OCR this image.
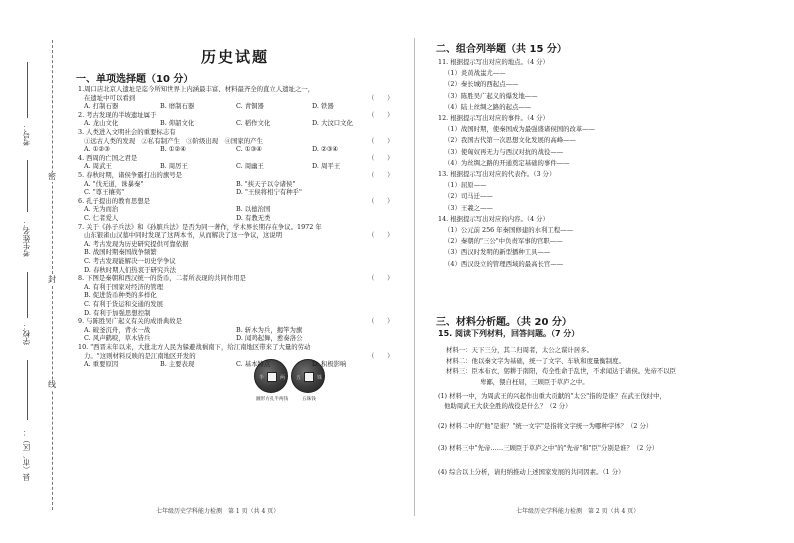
密
封
线
考号：
考生姓名：
学校：
县（市、区）：
历史试题
一、单项选择题（10 分）
半	两 五	铢
圜形方孔半两钱	五铢钱
七年级历史学科能力检测　第 1 页（共 4 页）
1.周口店北京人遗址是迄今所知世界上内涵最丰富、材料最齐全的直立人遗址之一，
在遗址中可以看到	（　　）
A. 打制石器	B. 磨制石器	C. 青铜器	D. 铁器
2. 考古发现的半坡遗址属于	（　　）
A. 龙山文化	B. 仰韶文化	C. 稻作文化	D. 大汶口文化
3. 人类进入文明社会的重要标志有
①远古人类的发现　②私有制产生　③阶级出现　④国家的产生	（　　）
A. ①②③	B. ①②④	C. ①③④	D. ②③④
4. 西周的亡国之君是	（　　）
A. 周武王	B. 周厉王	C. 周幽王	D. 周平王
5. 春秋时期，诸侯争霸打出的旗号是	（　　）
A. "伐无道，诛暴秦"	B. "挟天子以令诸侯"
C. "尊王攘夷"	D. "王侯将相宁有种乎"
6. 孔子提出的教育思想是	（　　）
A. 无为而治	B. 以德治国
C. 仁者爱人	D. 有教无类
7. 关于《孙子兵法》和《孙膑兵法》是否为同一著作，学术界长期存在争议。1972 年
山东银雀山汉墓中同时发现了这两本书，从而解决了这一争议，这说明	（　　）
A. 考古发现为历史研究提供可靠依据
B. 战国时期秦国战争频繁
C. 考古发现能解决一切史学争议
D. 春秋时期人们热衷于研究兵法
8. 下图是秦朝和西汉统一的货币，二者所表现的共同作用是	（　　）
A. 有利于国家对经济的管理
B. 促进货币种类的多样化
C. 有利于货运和交通的发展
D. 有利于加强思想控制
9. 与陈胜吴广起义有关的成语典故是	（　　）
A. 破釜沉舟，背水一战	B. 斩木为兵，揭竿为旗
C. 风声鹤唳，草木皆兵	D. 闻鸡起舞，愈奏洛公
10. "西晋末年以来，大批北方人民为躲避战祸南下，给江南地区带来了大量的劳动
力。"这则材料反映的是江南地区开发的	（　　）
A. 重要原因	B. 主要表现	C. 基本特点	D. 积极影响
二、组合列举题（共 15 分）
三、材料分析题。（共 20 分）
15. 阅读下列材料，回答问题。（7 分）
七年级历史学科能力检测　第 2 页（共 4 页）
11. 根据提示写出对应的地点。（4 分）
（1）炎黄战蚩尤——
（2）秦长城的西起点——
（3）陈胜吴广起义的爆发地——
（4）陆上丝绸之路的起点——
12. 根据提示写出对应的事件。（4 分）
（1）战国时期，使秦国成为最强盛诸侯国的改革——
（2）我国古代第一次思想文化发展的高峰——
（3）使匈奴再无力与西汉对抗的战役——
（4）为丝绸之路的开通奠定基础的事件——
13. 根据提示写出对应的代表作。（3 分）
（1）屈原——
（2）司马迁——
（3）王羲之——
14. 根据提示写出对应的内容。（4 分）
（1）公元前 256 年秦国修建的水利工程——
（2）秦朝的"三公"中负责军事的官职——
（3）西汉时发明的新型播种工具——
（4）西汉设立的管理西域的最高长官——
材料一：天下三分，其二归周者，太公之谋计居多。
材料二：他以秦文字为基础，统一了文字、车轨和度量衡制度。
材料三：臣本布衣，躬耕于南阳，苟全性命于乱世，不求闻达于诸侯。先帝不以臣
卑鄙，猥自枉屈，三顾臣于草庐之中。
(1) 材料一中，为周武王的兴起作出重大贡献的"太公"指的是谁？在武王伐纣中，
他助周武王大获全胜的战役是什么？（2 分）
(2) 材料二中的"他"是谁？"统一文字"是指将文字统一为哪种字体？（2 分）
(3) 材料三中"先帝……三顾臣于草庐之中"的"先帝"和"臣"分别是谁？（2 分）
(4) 综合以上分析，请归纳推动上述国家发展的共同因素。（1 分）
